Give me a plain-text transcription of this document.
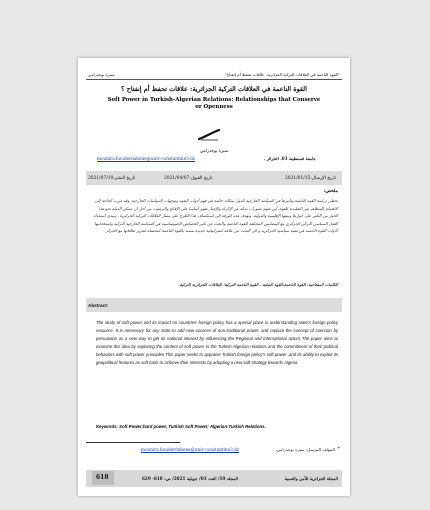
"القوة الناعمة في العلاقات التركية الجزائرية: علاقات تحفظ أم إنفتاح"
منيرة بوجدرامي
القوة الناعمة في العلاقات التركية الجزائرية: علاقات تحفظ أم إنفتاح ؟
Soft Power in Turkish-Algerian Relations: Relationships that Conserve or Openness
منيرة بوجدرامي
mounira.bouderdabene@univ-constantine3.dz	جامعة قسنطينة 03، الجزائر ،
تاريخ الإرسال:2021/01/15
تاريخ القبول:2021/04/07
تاريخ النشر:2021/07/10
ملخص:
تحظى دراسة القوة الناعمة وتأثيرها في السياسة الخارجية للدول بمكانة خاصة في فهم أدوات النفوذ وتوجهات السياسات الخارجية، وقد غيرت الحاجة إلى الاهتمام بالمظاهر غير التقليدية للقوة، أين تقوم تصورات بديلة عن الإكراه والإجبار تقوم أساسا على الإقناع والترغيب، من أجل أن تتمكن الدولة نحو هذا الخيار من التأثير على جوارها وبيئتها الإقليمية والدولية، وتهدف هذه الورقة إلى استكشاف هذا الطرح على مسار العلاقات التركية الجزائرية ، ومدى استعداد الفعل السياسي التركي الجزائري مع المضامين المختلفة للقوة الناعمة والبحث عن تأثير الخصائص الجيوسياسية في السياسة الخارجية التركية واستخدامها لأدوات القوة الناعمة في تنفيذ سياسية الجزائرية و الى البحث عن علاقة استراتيجية جديدة تستند بالقوة الناعمة كمحصلة لتعزيز علاقاتها مع الجزائر.
الكلمات المفتاحية: القوة الناعمة،القوة الصلبة ، القوة الناعمة التركية؛ العلاقات الجزائرية التركية.
Abstract:
The study of soft power and its impact on countries' foreign policy has a special place in understanding state's foreign policy resource. It is necessary for any state to add new sources of non-traditional power, and replace the concept of coercion by persuasion as a new way to get its national interest by influencing the Regional and international actors The paper aims to examine this idea by exploring the content of soft power in the Turkish-Algerian relations and the commitment of their political behaviors with soft power principles This paper seeks to appraise Turkish foreign policy's soft power ,and its ability to exploit its geopolitical features as soft tools to achieve their interests by adopting a new soft strategy towards Algeria
Keywords: Soft Power;hard power, Turkish Soft Power; Algerian-Turkish Relations.
mounira.bouderdabene@univ-constantine3.dz	المؤلف المرسل: منيرة بوجدرامي، *
618	المجلة الجزائرية للأمن والتنمية
المجلد 10/ العدد 03/ جويلية 2021/ ص: 618- 629
